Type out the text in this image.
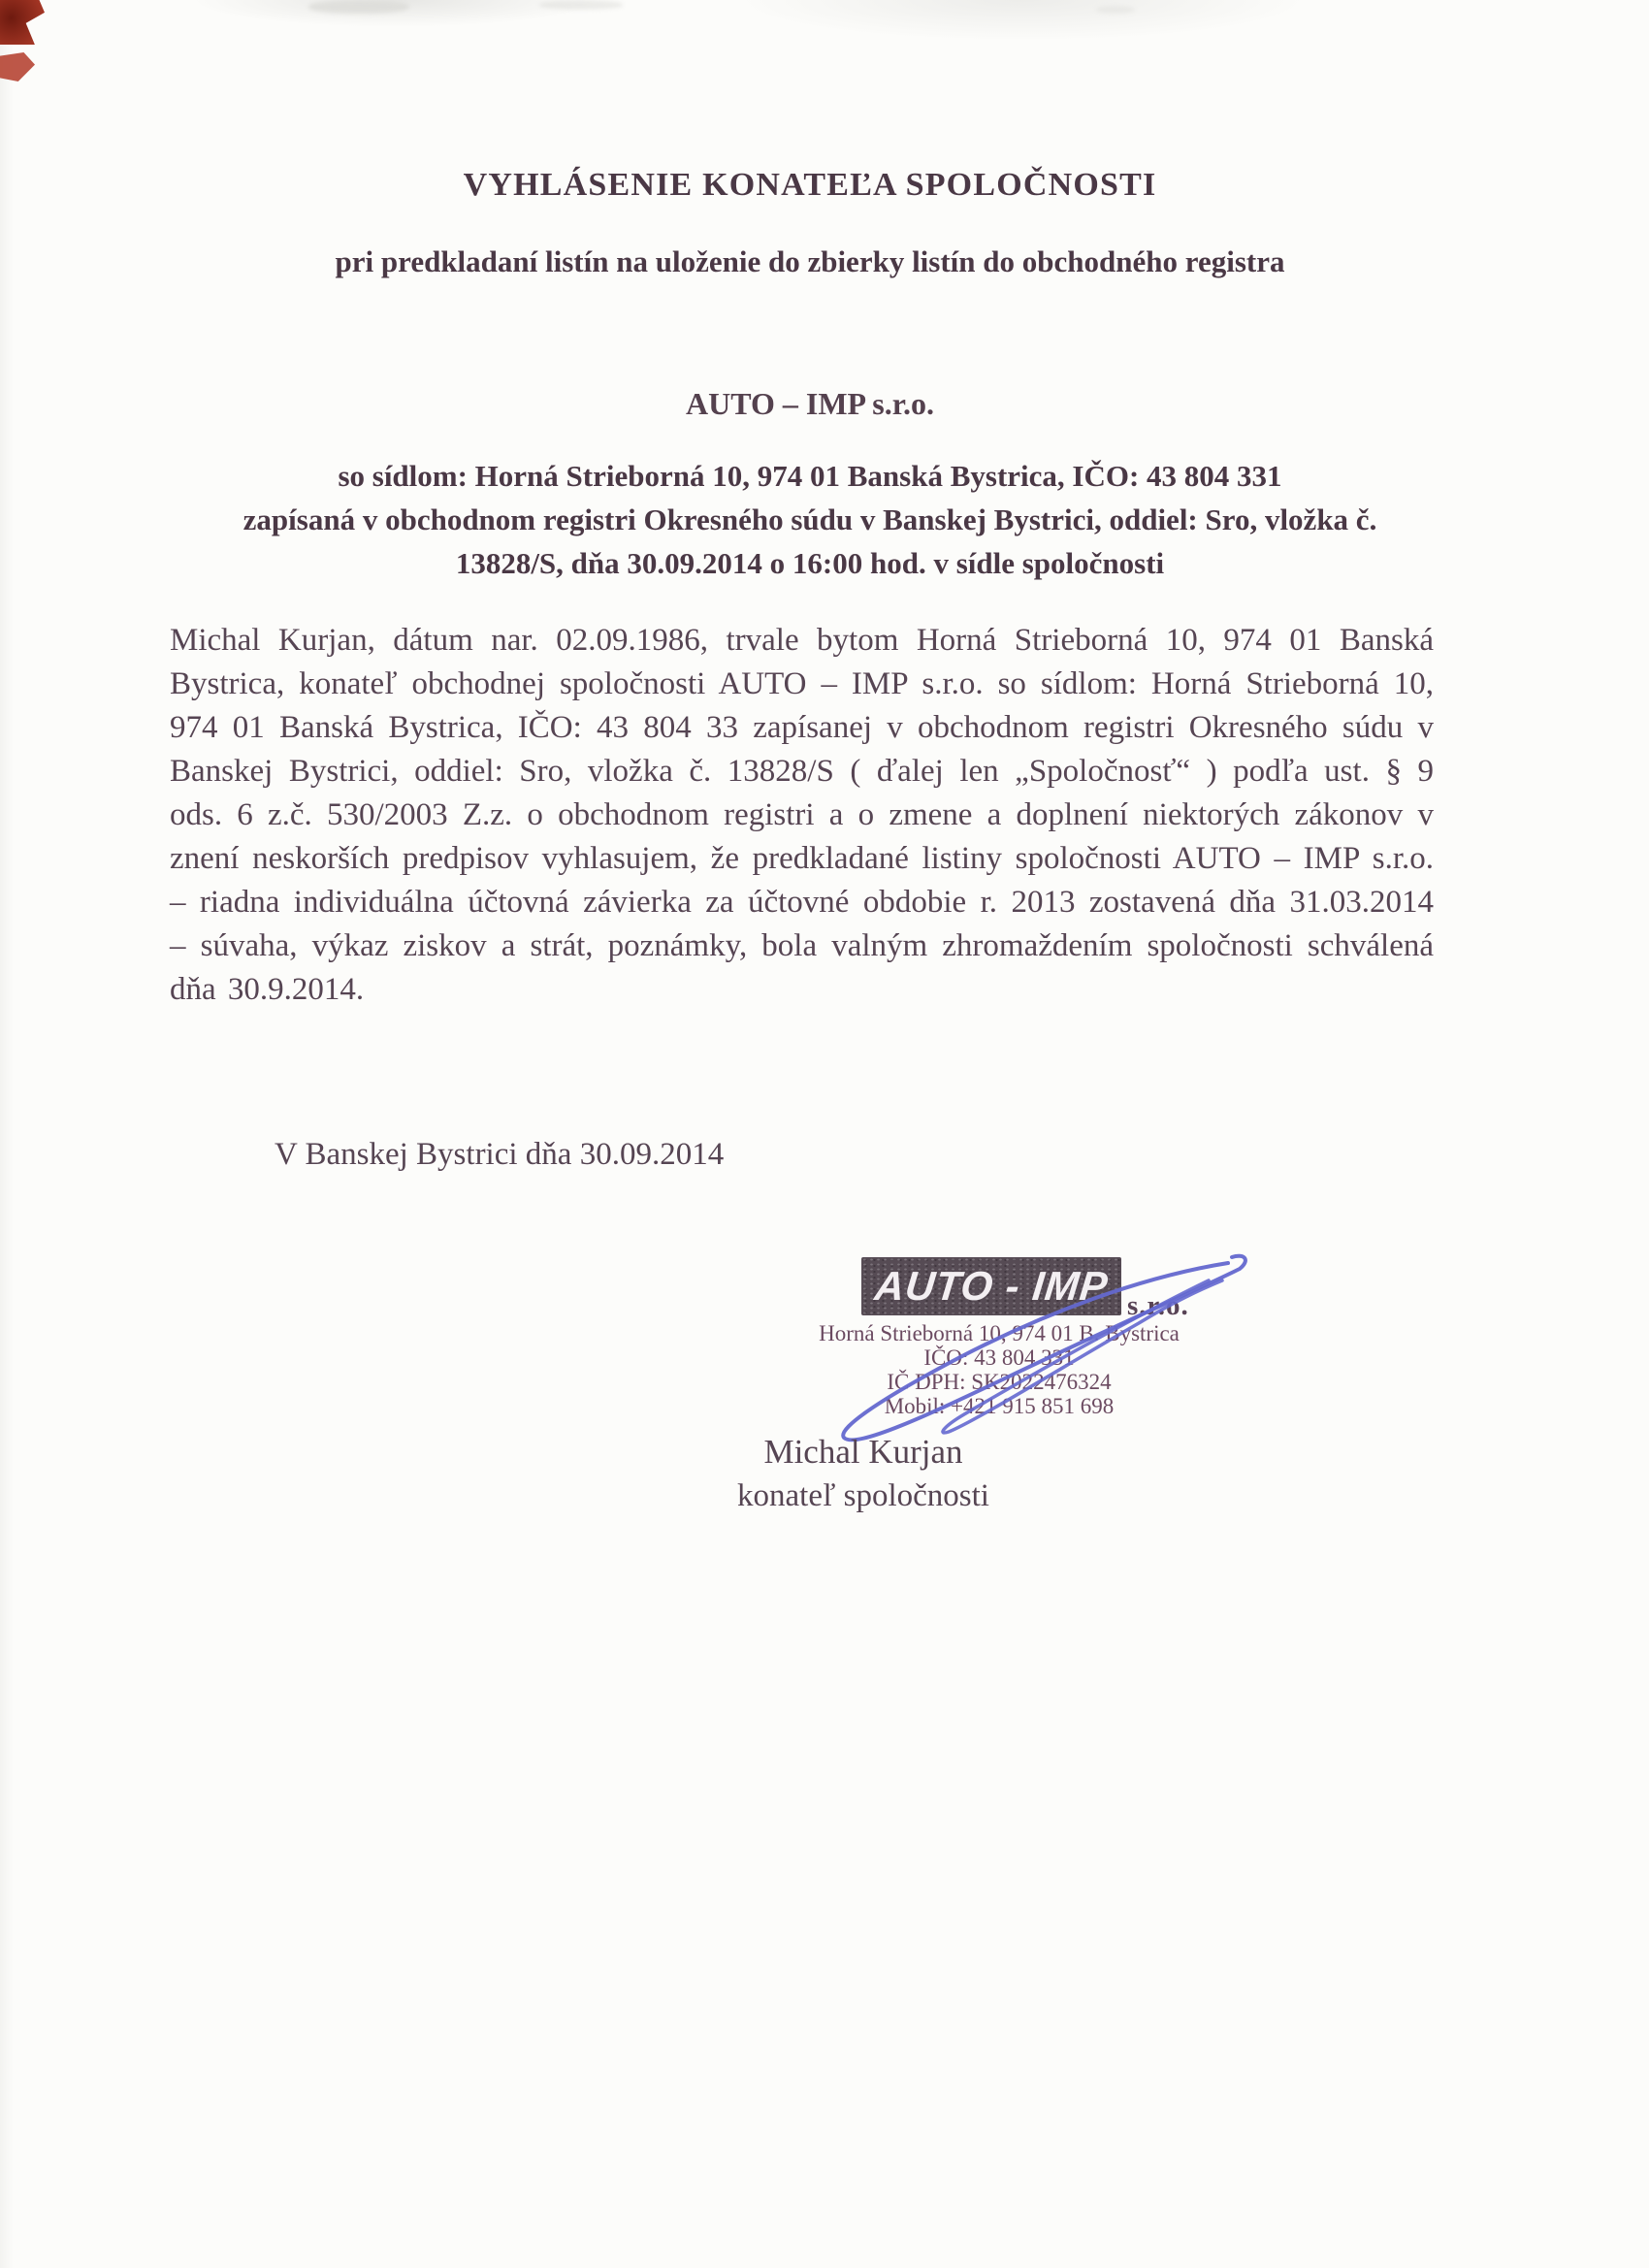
VYHLÁSENIE KONATEĽA SPOLOČNOSTI
pri predkladaní listín na uloženie do zbierky listín do obchodného registra
AUTO – IMP s.r.o.
so sídlom: Horná Strieborná 10, 974 01 Banská Bystrica, IČO: 43 804 331
zapísaná v obchodnom registri Okresného súdu v Banskej Bystrici, oddiel: Sro, vložka č.
13828/S, dňa 30.09.2014 o 16:00 hod. v sídle spoločnosti

Michal Kurjan, dátum nar. 02.09.1986, trvale bytom Horná Strieborná 10, 974 01 Banská Bystrica, konateľ obchodnej spoločnosti AUTO – IMP s.r.o. so sídlom: Horná Strieborná 10, 974 01 Banská Bystrica, IČO: 43 804 33 zapísanej v obchodnom registri Okresného súdu v Banskej Bystrici, oddiel: Sro, vložka č. 13828/S ( ďalej len „Spoločnosť“ ) podľa ust. § 9 ods. 6 z.č. 530/2003 Z.z. o obchodnom registri a o zmene a doplnení niektorých zákonov v znení neskorších predpisov vyhlasujem, že predkladané listiny spoločnosti AUTO – IMP s.r.o. – riadna individuálna účtovná závierka za účtovné obdobie r. 2013 zostavená dňa 31.03.2014 – súvaha, výkaz ziskov a strát, poznámky, bola valným zhromaždením spoločnosti schválená dňa 30.9.2014.

V Banskej Bystrici dňa 30.09.2014
AUTO - IMP s.r.o.
Horná Strieborná 10, 974 01 B. Bystrica
IČO: 43 804 331
IČ DPH: SK2022476324
Mobil: +421 915 851 698
Michal Kurjan
konateľ spoločnosti
